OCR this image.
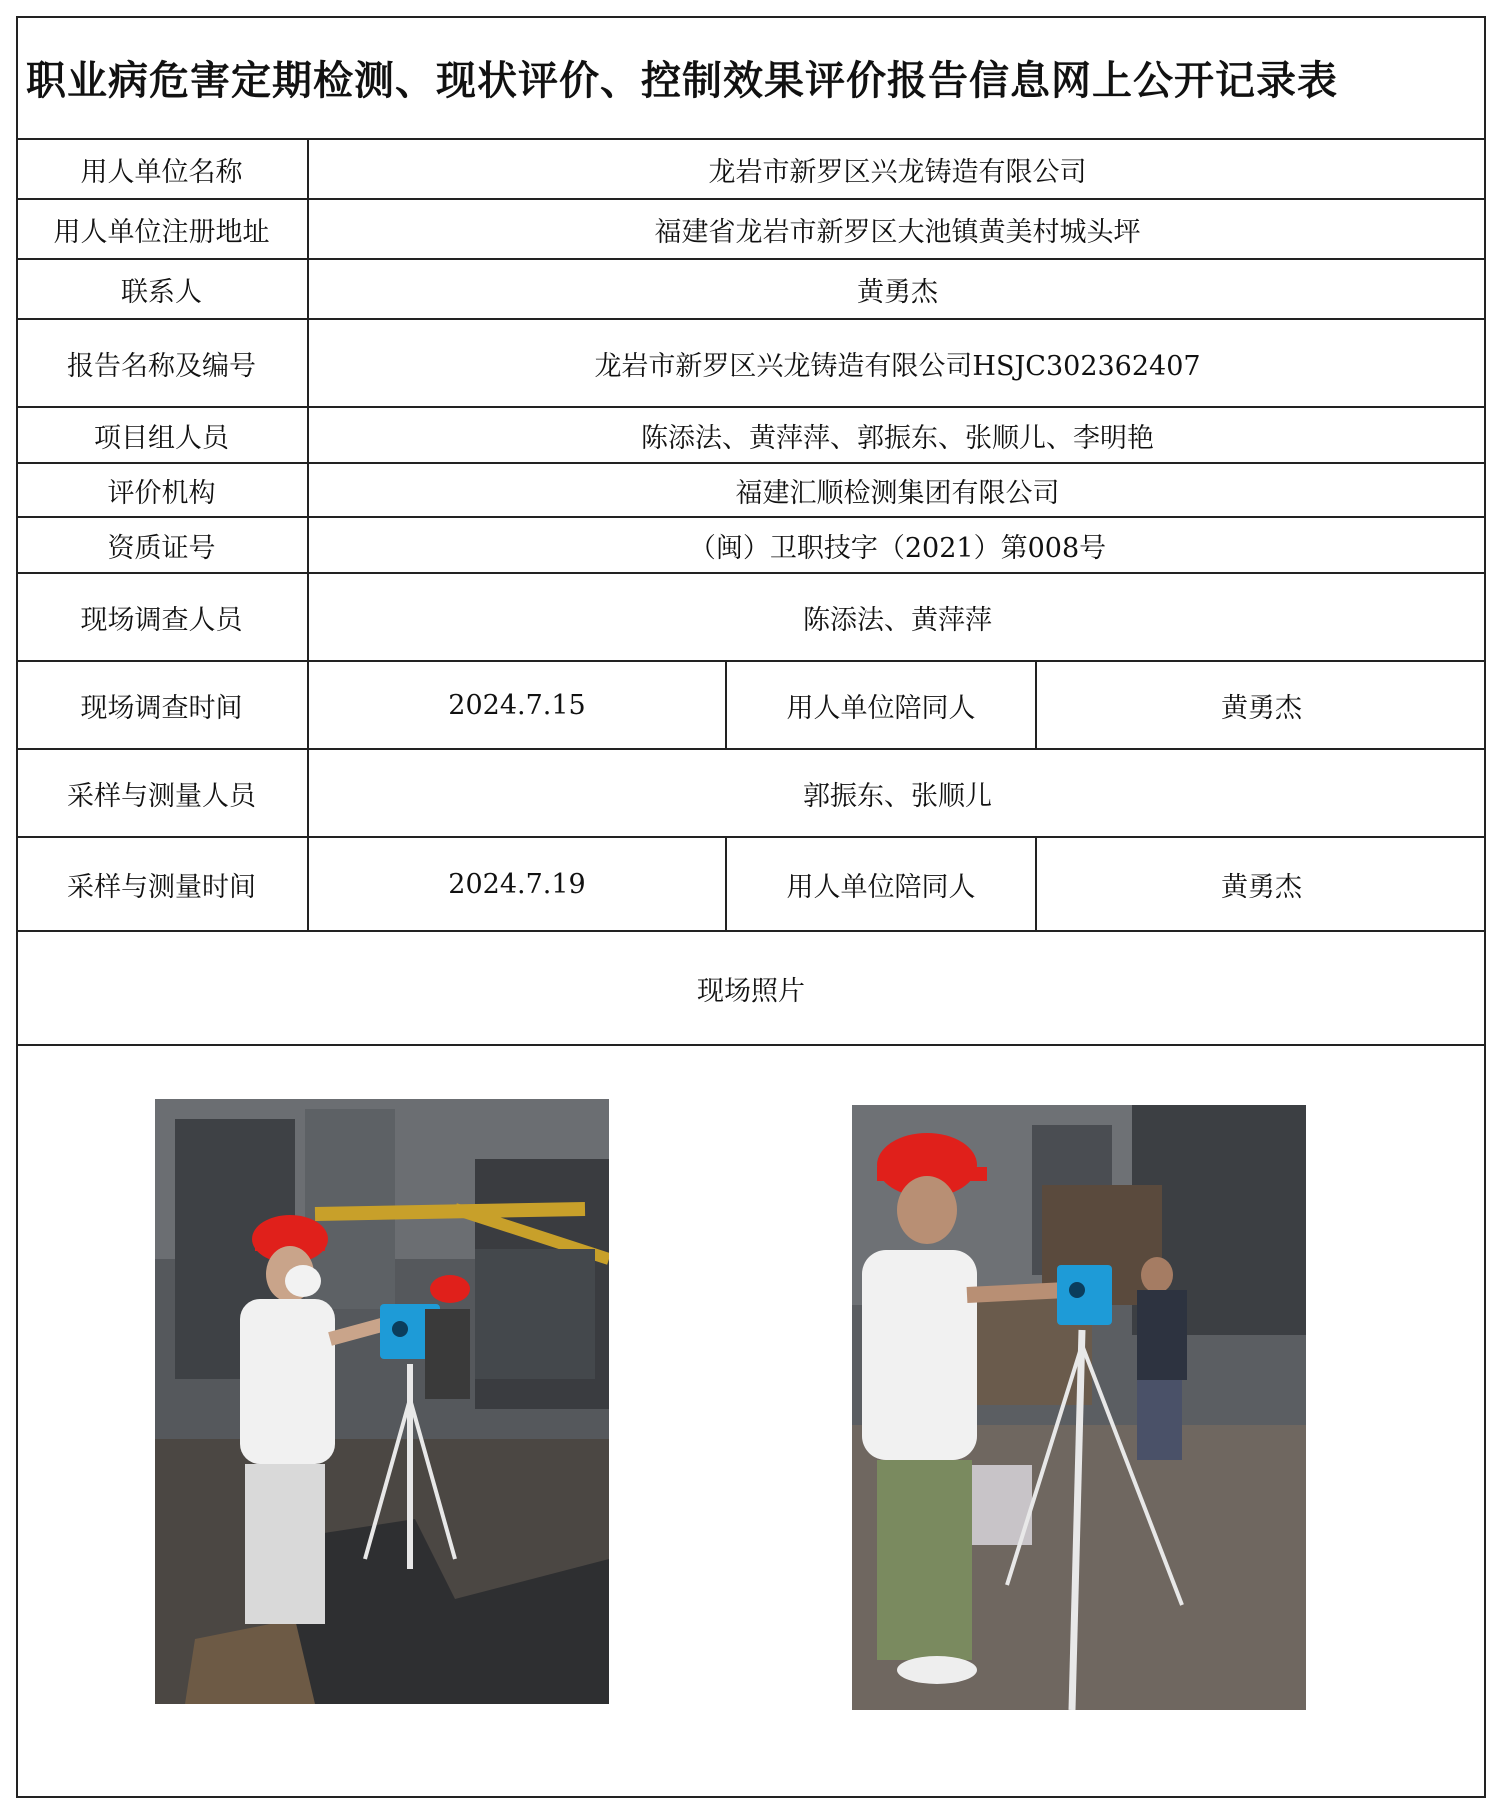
职业病危害定期检测、现状评价、控制效果评价报告信息网上公开记录表
用人单位名称	龙岩市新罗区兴龙铸造有限公司		
用人单位注册地址	福建省龙岩市新罗区大池镇黄美村城头坪		
联系人	黄勇杰		
报告名称及编号	龙岩市新罗区兴龙铸造有限公司HSJC302362407		
项目组人员	陈添法、黄萍萍、郭振东、张顺儿、李明艳		
评价机构	福建汇顺检测集团有限公司		
资质证号	（闽）卫职技字（2021）第008号		
现场调查人员	陈添法、黄萍萍		
现场调查时间	2024.7.15	用人单位陪同人	黄勇杰
采样与测量人员	郭振东、张顺儿		
采样与测量时间	2024.7.19	用人单位陪同人	黄勇杰
现场照片			
